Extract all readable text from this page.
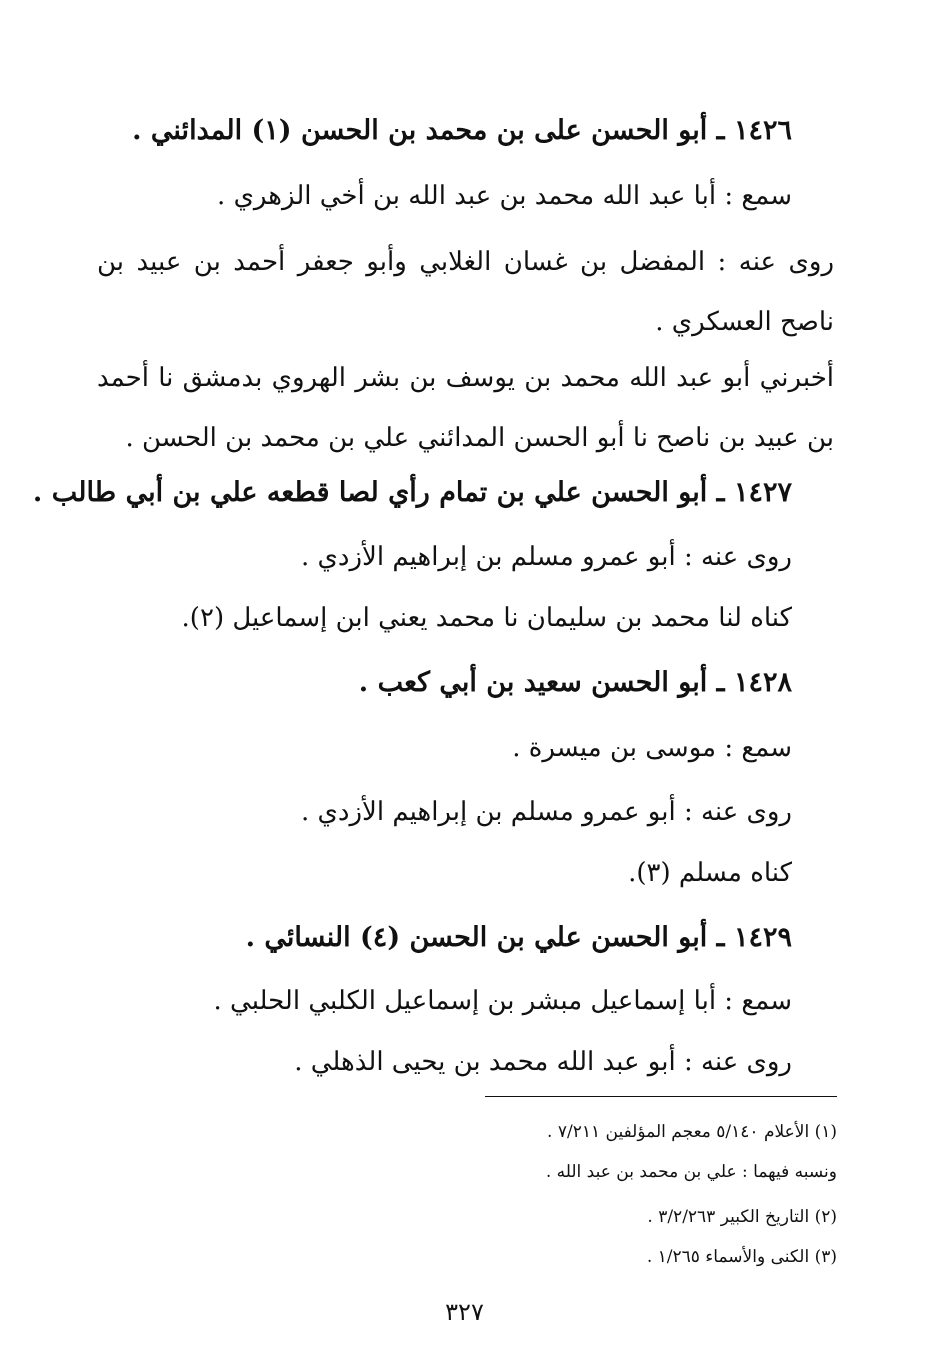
١٤٢٦ ـ أبو الحسن على بن محمد بن الحسن (١) المدائني .
سمع : أبا عبد الله محمد بن عبد الله بن أخي الزهري .
روى عنه : المفضل بن غسان الغلابي وأبو جعفر أحمد بن عبيد بن ناصح العسكري .
أخبرني أبو عبد الله محمد بن يوسف بن بشر الهروي بدمشق نا أحمد بن عبيد بن ناصح نا أبو الحسن المدائني علي بن محمد بن الحسن .
١٤٢٧ ـ أبو الحسن علي بن تمام رأي لصا قطعه علي بن أبي طالب .
روى عنه : أبو عمرو مسلم بن إبراهيم الأزدي .
كناه لنا محمد بن سليمان نا محمد يعني ابن إسماعيل (٢).
١٤٢٨ ـ أبو الحسن سعيد بن أبي كعب .
سمع : موسى بن ميسرة .
روى عنه : أبو عمرو مسلم بن إبراهيم الأزدي .
كناه مسلم (٣).
١٤٢٩ ـ أبو الحسن علي بن الحسن (٤) النسائي .
سمع : أبا إسماعيل مبشر بن إسماعيل الكلبي الحلبي .
روى عنه : أبو عبد الله محمد بن يحيى الذهلي .
(١) الأعلام ٥/١٤٠ معجم المؤلفين ٧/٢١١ .
ونسبه فيهما : علي بن محمد بن عبد الله .
(٢) التاريخ الكبير ٣/٢/٢٦٣ .
(٣) الكنى والأسماء ١/٢٦٥ .
٣٢٧
